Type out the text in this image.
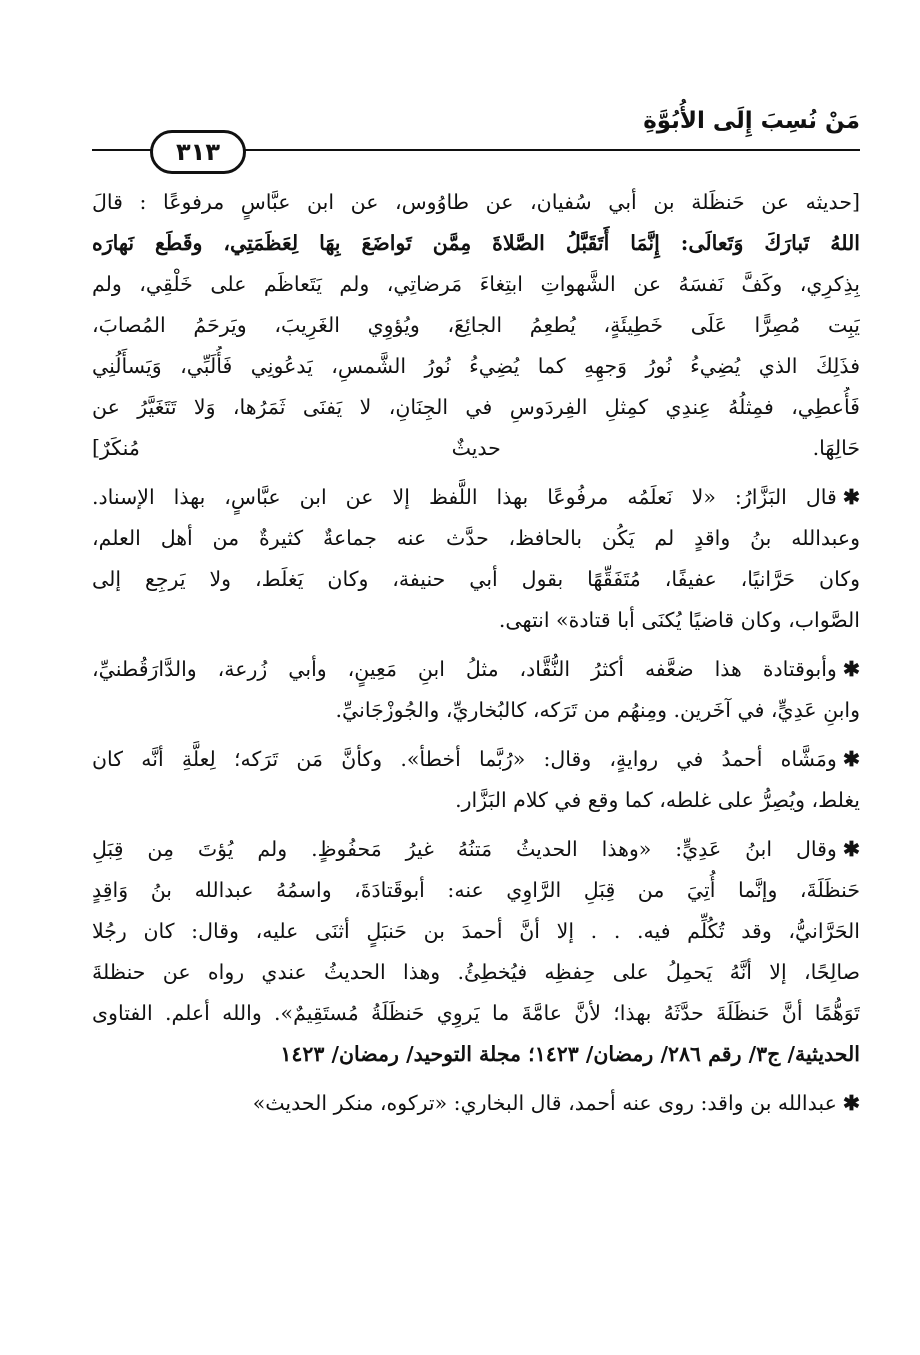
مَنْ نُسِبَ إِلَى الأُبُوَّةِ
٣١٣
[حديثه عن حَنظَلة بن أبي سُفيان، عن طاوُوس، عن ابن عبَّاسٍ مرفوعًا : قالَ
اللهُ تَبارَكَ وَتَعالَى: إِنَّمَا أَتَقَبَّلُ الصَّلاةَ مِمَّن تَواضَعَ بِهَا لِعَظَمَتِي، وقَطَع نَهارَه
بِذِكرِي، وكَفَّ نَفسَهُ عن الشَّهواتِ ابتِغاءَ مَرضاتِي، ولم يَتَعاظَم على خَلْقِي، ولم
يَبِت مُصِرًّا عَلَى خَطِيئَةٍ، يُطعِمُ الجائِعَ، ويُؤوِي الغَرِيبَ، ويَرحَمُ المُصابَ،
فذَلِكَ الذي يُضِيءُ نُورُ وَجهِهِ كما يُضِيءُ نُورُ الشَّمسِ، يَدعُونِي فَأُلَبِّي، وَيَسأَلُنِي
فَأُعطِي، فمِثلُهُ عِندِي كمِثلِ الفِردَوسِ في الجِنَانِ، لا يَفنَى ثَمَرُها، وَلا تَتَغَيَّرُ عن
حَالِهَا. حديثٌ مُنكَرٌ]
✱قال البَزَّارُ: «لا نَعلَمُه مرفُوعًا بهذا اللَّفظ إلا عن ابن عبَّاسٍ، بهذا الإسناد.
وعبدالله بنُ واقدٍ لم يَكُن بالحافظ، حدَّث عنه جماعةٌ كثيرةٌ من أهل العلم،
وكان حَرَّانيًا، عفيفًا، مُتَفَقِّهًا بقول أبي حنيفة، وكان يَغلَط، ولا يَرجِع إلى
الصَّواب، وكان قاضيًا يُكنَى أبا قتادة» انتهى.
✱وأبوقتادة هذا ضعَّفه أكثرُ النُّقَّاد، مثلُ ابنِ مَعِينٍ، وأبي زُرعة، والدَّارَقُطنيِّ،
وابنِ عَدِيٍّ، في آخَرين. ومِنهُم من تَرَكه، كالبُخاريِّ، والجُوزْجَانيِّ.
✱ومَشَّاه أحمدُ في روايةٍ، وقال: «رُبَّما أخطأ». وكأنَّ مَن تَرَكه؛ لِعلَّةِ أنَّه كان
يغلط، ويُصِرُّ على غلطه، كما وقع في كلام البَزَّار.
✱وقال ابنُ عَدِيٍّ: «وهذا الحديثُ مَتنُهُ غيرُ مَحفُوظٍ. ولم يُؤتَ مِن قِبَلِ
حَنظَلَةَ، وإنَّما أُتِيَ من قِبَلِ الرَّاوِي عنه: أبوقَتادَةَ، واسمُهُ عبدالله بنُ وَاقِدٍ
الحَرَّانيُّ، وقد تُكُلِّم فيه. . . إلا أنَّ أحمدَ بن حَنبَلٍ أثنَى عليه، وقال: كان رجُلا
صالِحًا، إلا أنَّهُ يَحمِلُ على حِفظِه فيُخطِئُ. وهذا الحديثُ عندي رواه عن حنظلةَ
تَوَهُّمًا أنَّ حَنظَلَةَ حدَّثَهُ بهذا؛ لأنَّ عامَّةَ ما يَروِي حَنظَلَةُ مُستَقِيمٌ». والله أعلم. الفتاوى
الحديثية/ ج٣/ رقم ٢٨٦/ رمضان/ ١٤٢٣؛ مجلة التوحيد/ رمضان/ ١٤٢٣
✱عبدالله بن واقد: روى عنه أحمد، قال البخاري: «تركوه، منكر الحديث»
